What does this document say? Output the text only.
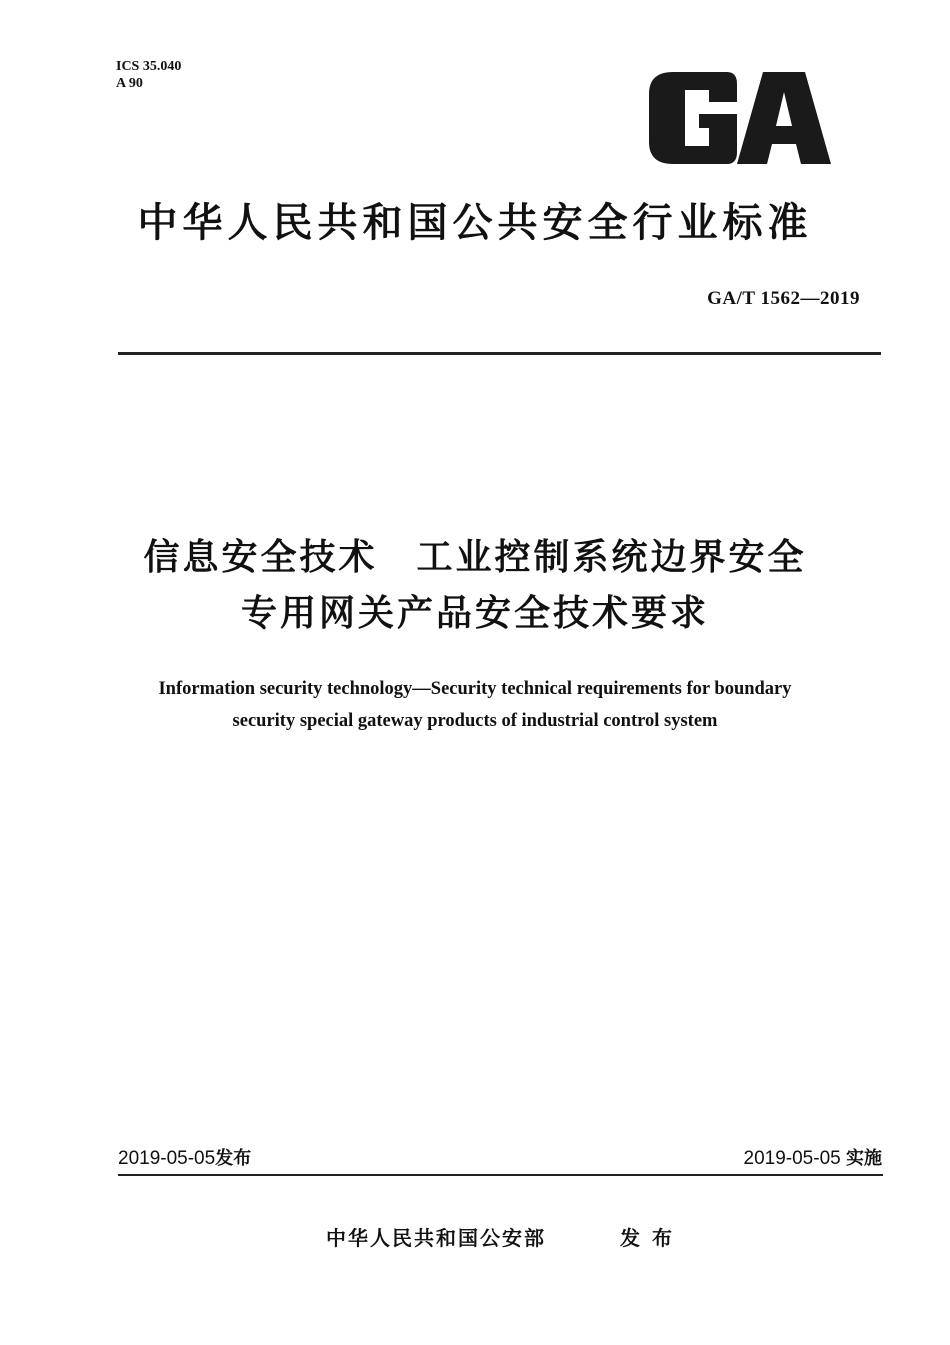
ICS 35.040
A 90
中华人民共和国公共安全行业标准
GA/T 1562—2019
信息安全技术　工业控制系统边界安全
专用网关产品安全技术要求
Information security technology—Security technical requirements for boundary
security special gateway products of industrial control system
2019-05-05发布	2019-05-05 实施
中华人民共和国公安部	发布
